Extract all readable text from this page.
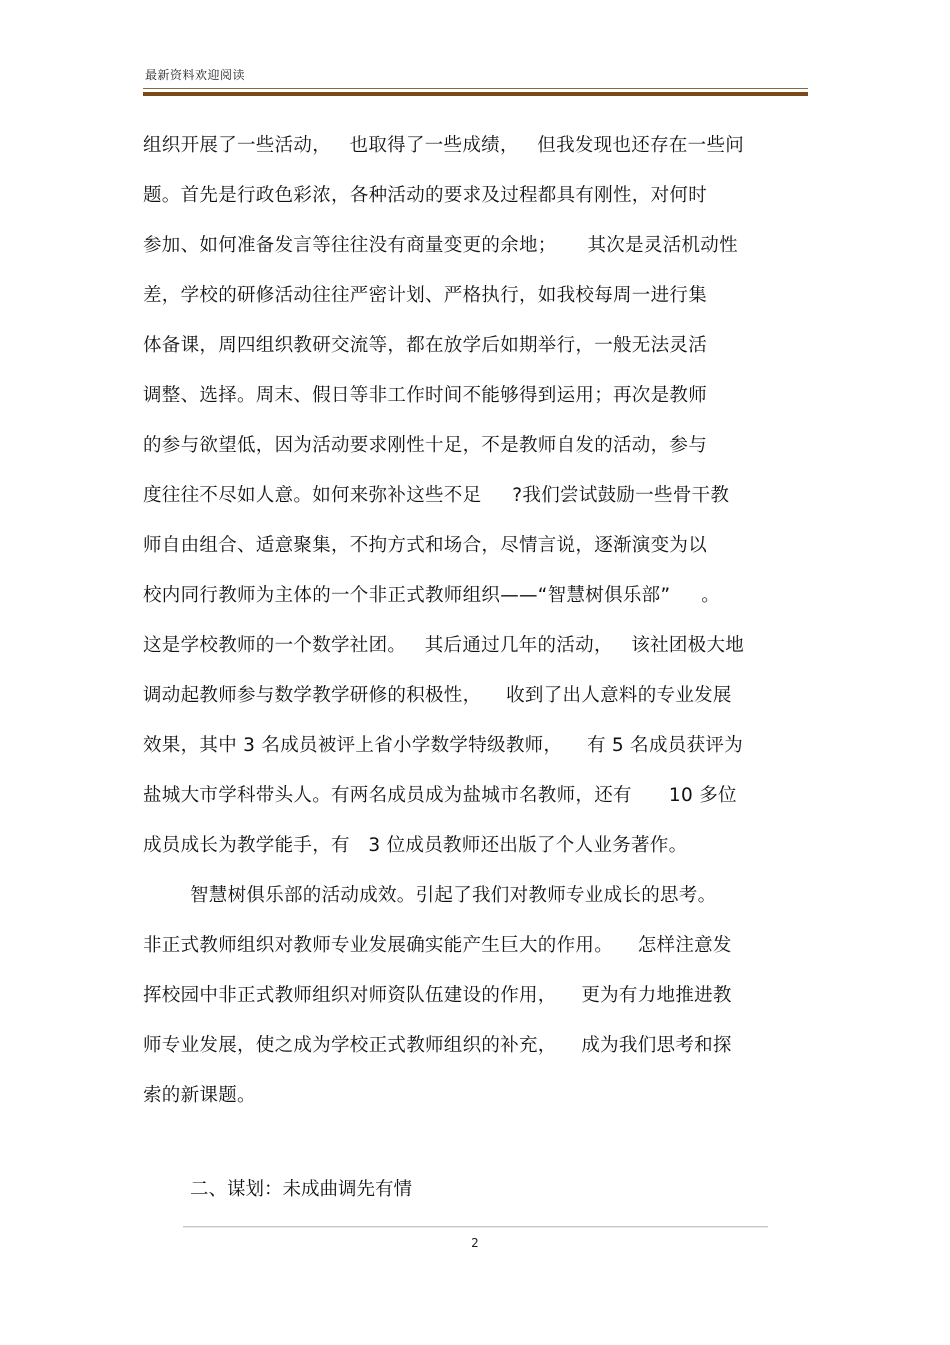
最新资料欢迎阅读
组织开展了一些活动，   也取得了一些成绩，   但我发现也还存在一些问
题。首先是行政色彩浓，各种活动的要求及过程都具有刚性，对何时
参加、如何准备发言等往往没有商量变更的余地；     其次是灵活机动性
差，学校的研修活动往往严密计划、严格执行，如我校每周一进行集
体备课，周四组织教研交流等，都在放学后如期举行，一般无法灵活
调整、选择。周末、假日等非工作时间不能够得到运用；再次是教师
的参与欲望低，因为活动要求刚性十足，不是教师自发的活动，参与
度往往不尽如人意。如何来弥补这些不足     ?我们尝试鼓励一些骨干教
师自由组合、适意聚集，不拘方式和场合，尽情言说，逐渐演变为以
校内同行教师为主体的一个非正式教师组织——“智慧树俱乐部”     。
这是学校教师的一个数学社团。   其后通过几年的活动，   该社团极大地
调动起教师参与数学教学研修的积极性，    收到了出人意料的专业发展
效果，其中 3 名成员被评上省小学数学特级教师，    有 5 名成员获评为
盐城大市学科带头人。有两名成员成为盐城市名教师，还有      10 多位
成员成长为教学能手，有   3 位成员教师还出版了个人业务著作。
智慧树俱乐部的活动成效。引起了我们对教师专业成长的思考。
非正式教师组织对教师专业发展确实能产生巨大的作用。    怎样注意发
挥校园中非正式教师组织对师资队伍建设的作用，    更为有力地推进教
师专业发展，使之成为学校正式教师组织的补充，    成为我们思考和探
索的新课题。
二、谋划：未成曲调先有情
2
